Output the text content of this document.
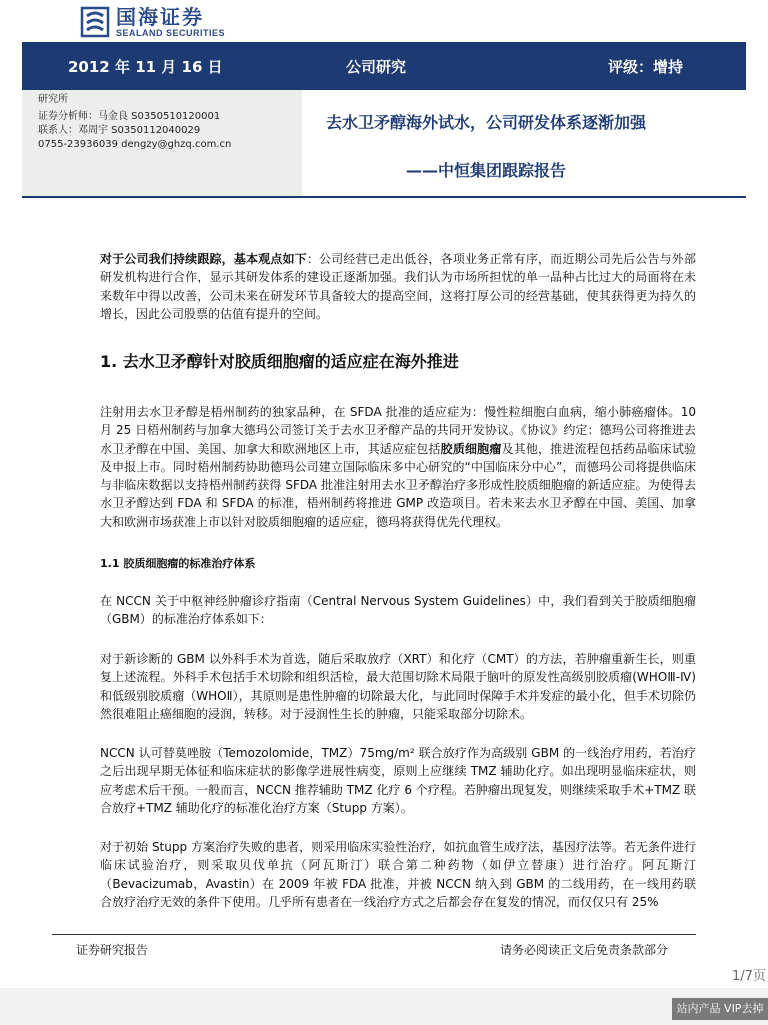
国海证券
SEALAND SECURITIES
2012 年 11 月 16 日	公司研究	评级：增持
研究所
证券分析师：马金良 S0350510120001
联系人：邓周宇 S0350112040029
0755-23936039 dengzy@ghzq.com.cn
去水卫矛醇海外试水，公司研发体系逐渐加强
——中恒集团跟踪报告
对于公司我们持续跟踪，基本观点如下：公司经营已走出低谷，各项业务正常有序，而近期公司先后公告与外部研发机构进行合作，显示其研发体系的建设正逐渐加强。我们认为市场所担忧的单一品种占比过大的局面将在未来数年中得以改善，公司未来在研发环节具备较大的提高空间，这将打厚公司的经营基础，使其获得更为持久的增长，因此公司股票的估值有提升的空间。
1. 去水卫矛醇针对胶质细胞瘤的适应症在海外推进
注射用去水卫矛醇是梧州制药的独家品种，在 SFDA 批准的适应症为：慢性粒细胞白血病，缩小肺癌瘤体。10 月 25 日梧州制药与加拿大德玛公司签订关于去水卫矛醇产品的共同开发协议。《协议》约定：德玛公司将推进去水卫矛醇在中国、美国、加拿大和欧洲地区上市，其适应症包括胶质细胞瘤及其他，推进流程包括药品临床试验及申报上市。同时梧州制药协助德玛公司建立国际临床多中心研究的“中国临床分中心”，而德玛公司将提供临床与非临床数据以支持梧州制药获得 SFDA 批准注射用去水卫矛醇治疗多形成性胶质细胞瘤的新适应症。为使得去水卫矛醇达到 FDA 和 SFDA 的标准，梧州制药将推进 GMP 改造项目。若未来去水卫矛醇在中国、美国、加拿大和欧洲市场获准上市以针对胶质细胞瘤的适应症，德玛将获得优先代理权。
1.1 胶质细胞瘤的标准治疗体系
在 NCCN 关于中枢神经肿瘤诊疗指南（Central Nervous System Guidelines）中，我们看到关于胶质细胞瘤（GBM）的标准治疗体系如下：
对于新诊断的 GBM 以外科手术为首选，随后采取放疗（XRT）和化疗（CMT）的方法，若肿瘤重新生长，则重复上述流程。外科手术包括手术切除和组织活检，最大范围切除术局限于脑叶的原发性高级别胶质瘤(WHOⅢ-Ⅳ)和低级别胶质瘤（WHOⅡ），其原则是患性肿瘤的切除最大化，与此同时保障手术并发症的最小化，但手术切除仍然很难阻止癌细胞的浸润，转移。对于浸润性生长的肿瘤，只能采取部分切除术。
NCCN 认可替莫唑胺（Temozolomide，TMZ）75mg/m² 联合放疗作为高级别 GBM 的一线治疗用药，若治疗之后出现早期无体征和临床症状的影像学进展性病变，原则上应继续 TMZ 辅助化疗。如出现明显临床症状，则应考虑术后干预。一般而言，NCCN 推荐辅助 TMZ 化疗 6 个疗程。若肿瘤出现复发，则继续采取手术+TMZ 联合放疗+TMZ 辅助化疗的标准化治疗方案（Stupp 方案）。
对于初始 Stupp 方案治疗失败的患者，则采用临床实验性治疗，如抗血管生成疗法，基因疗法等。若无条件进行临床试验治疗，则采取贝伐单抗（阿瓦斯汀）联合第二种药物（如伊立替康）进行治疗。阿瓦斯汀（Bevacizumab，Avastin）在 2009 年被 FDA 批准，并被 NCCN 纳入到 GBM 的二线用药，在一线用药联合放疗治疗无效的条件下使用。几乎所有患者在一线治疗方式之后都会存在复发的情况，而仅仅只有 25%
证券研究报告	请务必阅读正文后免责条款部分
1/7页
站内产品 VIP去掉
